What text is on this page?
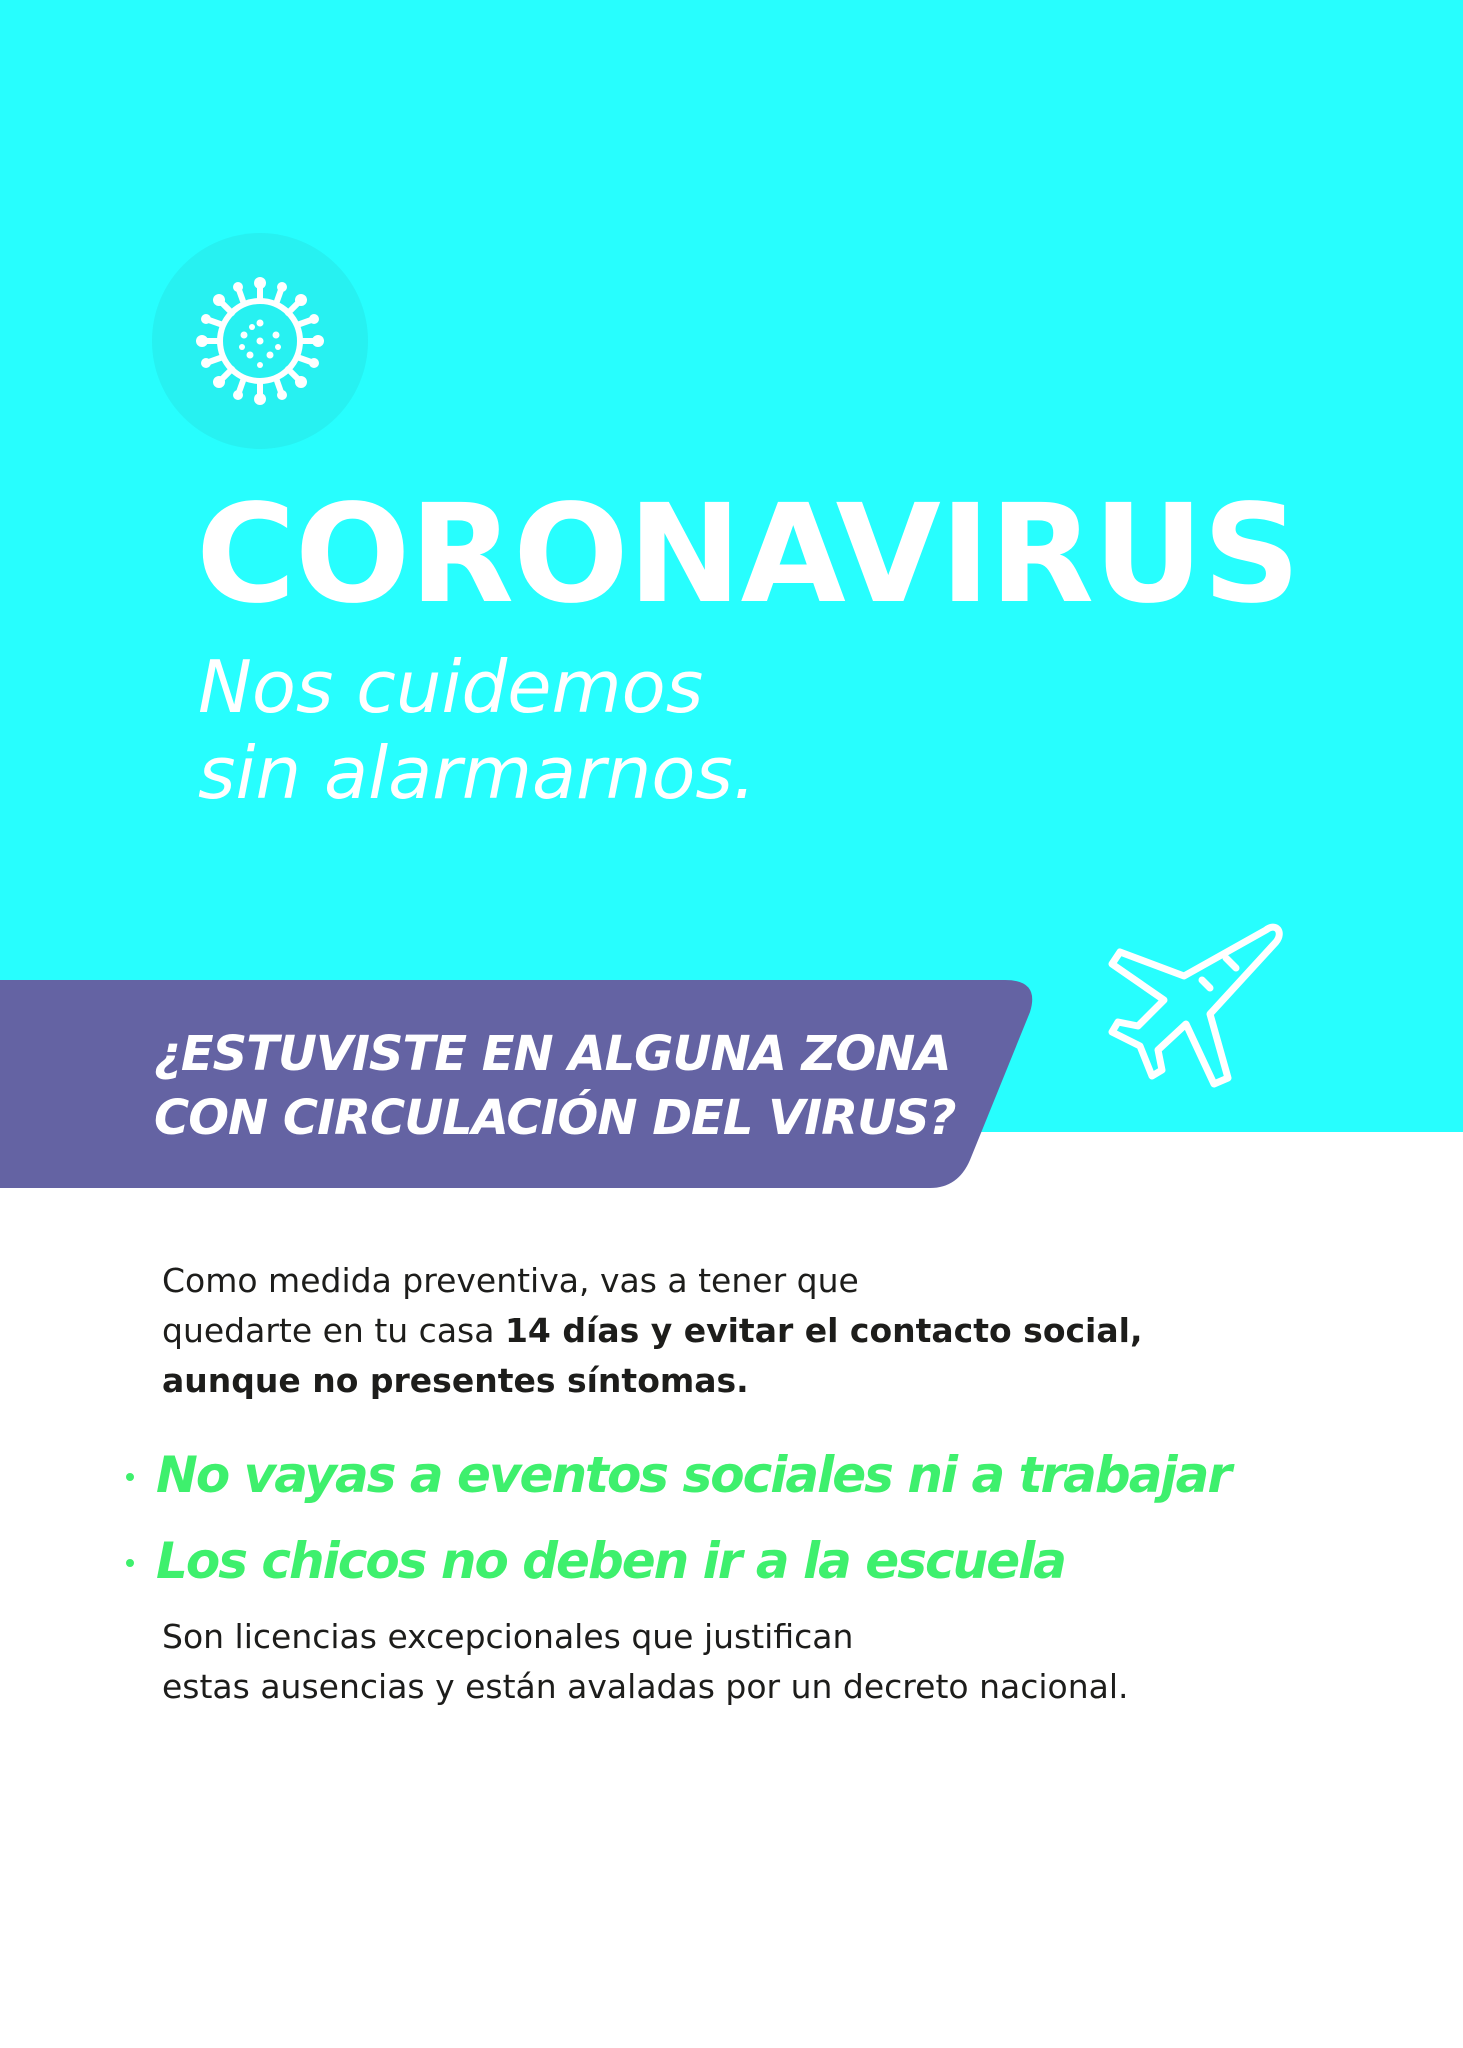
CORONAVIRUS

Nos cuidemos
sin alarmarnos.

¿ESTUVISTE EN ALGUNA ZONA
CON CIRCULACIÓN DEL VIRUS?

Como medida preventiva, vas a tener que
quedarte en tu casa 14 días y evitar el contacto social,
aunque no presentes síntomas.

No vayas a eventos sociales ni a trabajar
Los chicos no deben ir a la escuela

Son licencias excepcionales que justifican
estas ausencias y están avaladas por un decreto nacional.
